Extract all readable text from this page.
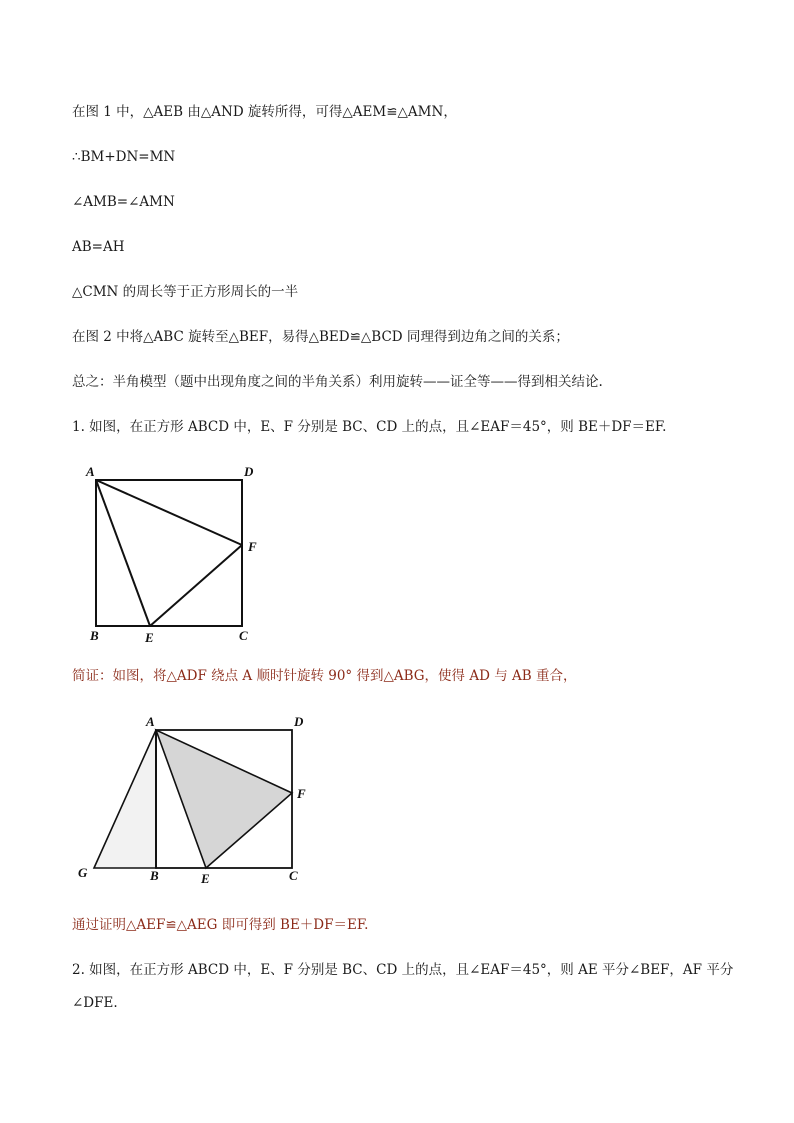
在图 1 中，△AEB 由△AND 旋转所得，可得△AEM≌△AMN，
∴BM+DN=MN
∠AMB=∠AMN
AB=AH
△CMN 的周长等于正方形周长的一半
在图 2 中将△ABC 旋转至△BEF，易得△BED≌△BCD 同理得到边角之间的关系；
总之：半角模型（题中出现角度之间的半角关系）利用旋转——证全等——得到相关结论.
1. 如图，在正方形 ABCD 中，E、F 分别是 BC、CD 上的点，且∠EAF＝45°，则 BE＋DF＝EF.
A	D
F
B	E	C
简证：如图，将△ADF 绕点 A 顺时针旋转 90° 得到△ABG，使得 AD 与 AB 重合，
A	D
F
G	B	E	C
通过证明△AEF≌△AEG 即可得到 BE＋DF＝EF.
2. 如图，在正方形 ABCD 中，E、F 分别是 BC、CD 上的点，且∠EAF＝45°，则 AE 平分∠BEF，AF 平分
∠DFE.
